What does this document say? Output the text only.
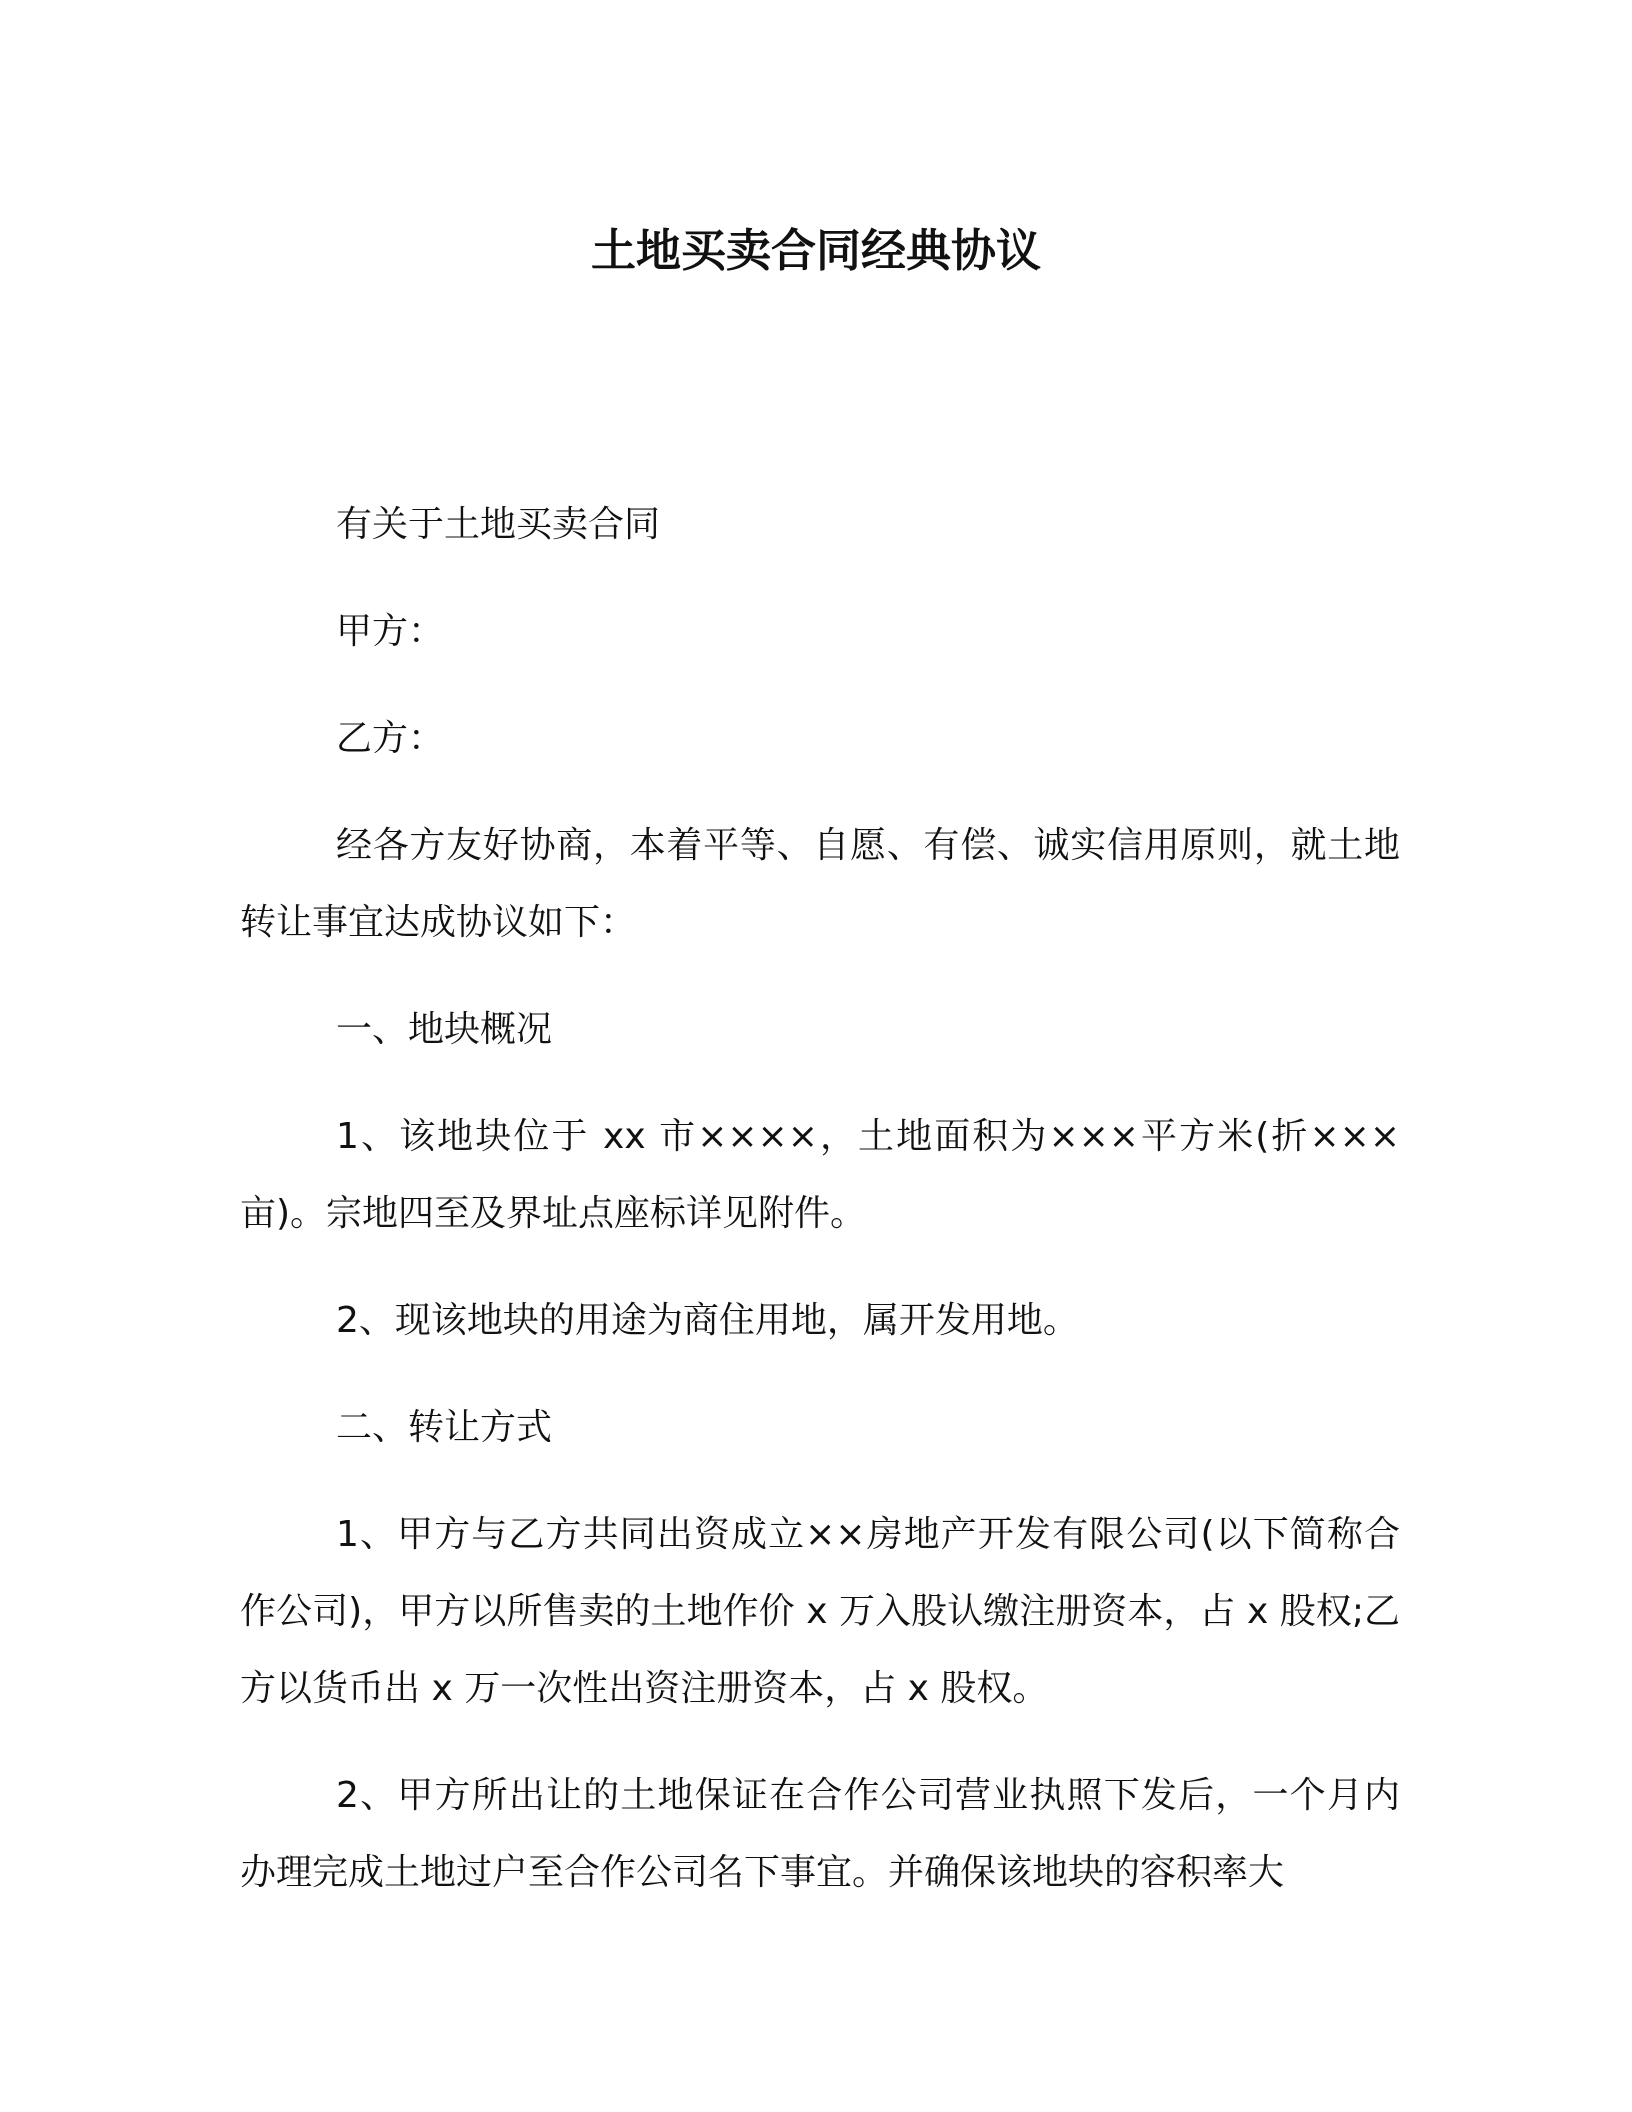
土地买卖合同经典协议

有关于土地买卖合同

甲方：

乙方：

经各方友好协商，本着平等、自愿、有偿、诚实信用原则，就土地转让事宜达成协议如下：

一、地块概况

1、该地块位于 xx 市××××，土地面积为×××平方米(折×××亩)。宗地四至及界址点座标详见附件。

2、现该地块的用途为商住用地，属开发用地。

二、转让方式

1、甲方与乙方共同出资成立××房地产开发有限公司(以下简称合作公司)，甲方以所售卖的土地作价 x 万入股认缴注册资本，占 x 股权;乙方以货币出 x 万一次性出资注册资本，占 x 股权。

2、甲方所出让的土地保证在合作公司营业执照下发后，一个月内办理完成土地过户至合作公司名下事宜。并确保该地块的容积率大
